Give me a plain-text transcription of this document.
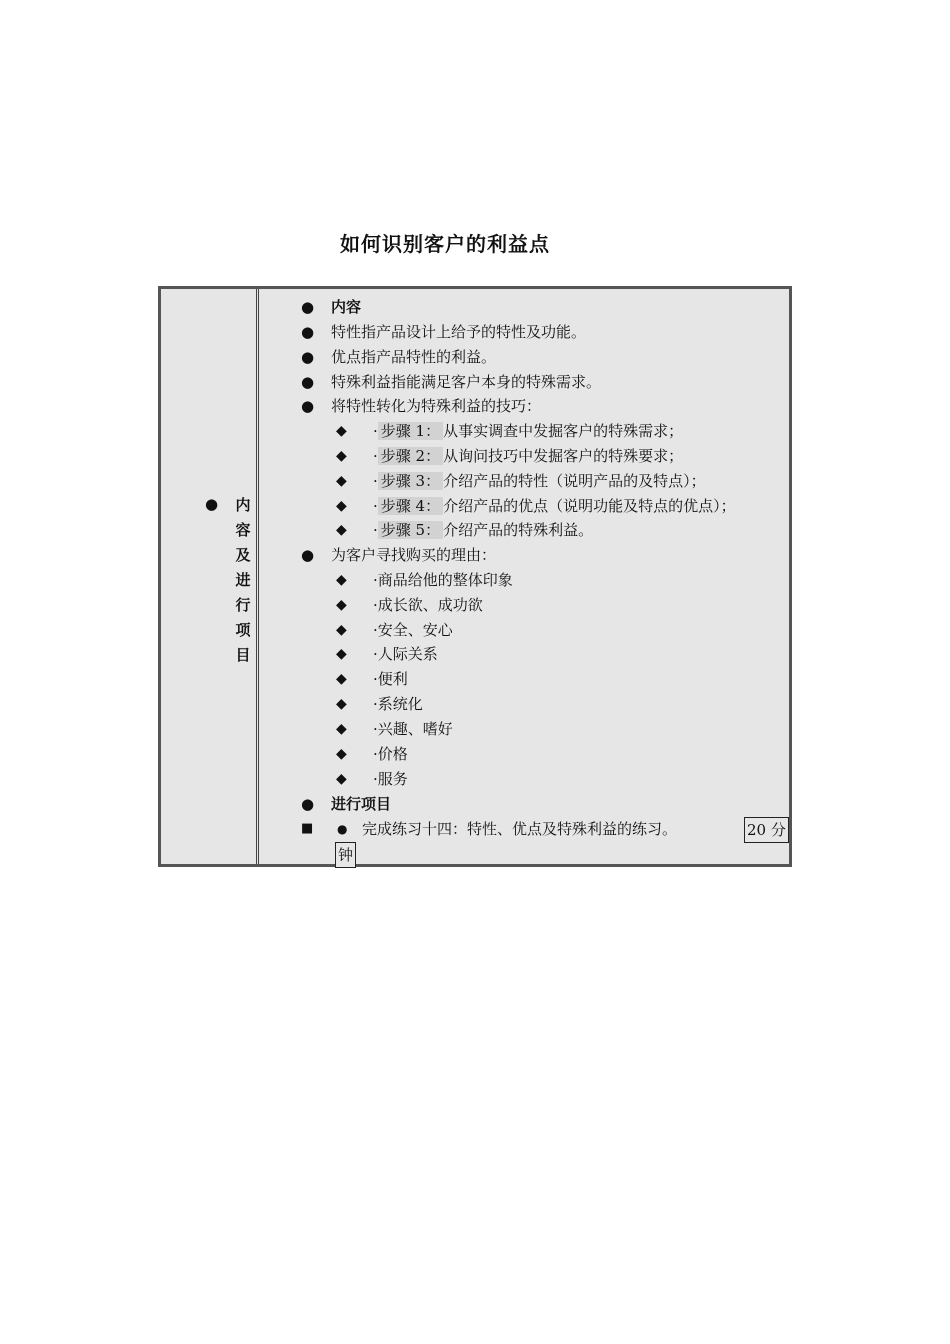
如何识别客户的利益点
● 内
容
及
进
行
项
目
● 内容
● 特性指产品设计上给予的特性及功能。
● 优点指产品特性的利益。
● 特殊利益指能满足客户本身的特殊需求。
● 将特性转化为特殊利益的技巧：
◆ · 步骤 1： 从事实调查中发掘客户的特殊需求；
◆ · 步骤 2： 从询问技巧中发掘客户的特殊要求；
◆ · 步骤 3： 介绍产品的特性（说明产品的及特点）；
◆ · 步骤 4： 介绍产品的优点（说明功能及特点的优点）；
◆ · 步骤 5： 介绍产品的特殊利益。
● 为客户寻找购买的理由：
◆ ·商品给他的整体印象
◆ ·成长欲、成功欲
◆ ·安全、安心
◆ ·人际关系
◆ ·便利
◆ ·系统化
◆ ·兴趣、嗜好
◆ ·价格
◆ ·服务
● 进行项目
■ ● 完成练习十四：特性、优点及特殊利益的练习。	20 分
钟
